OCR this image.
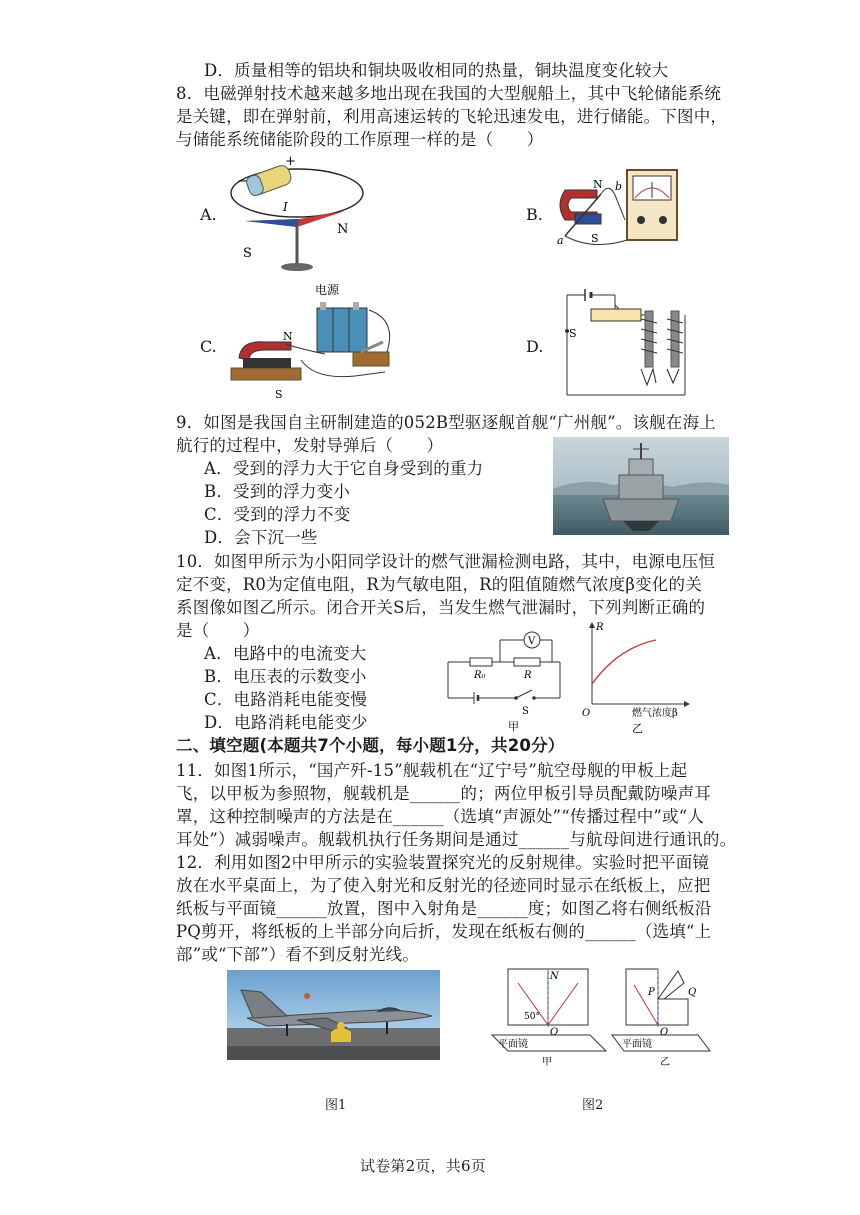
D．质量相等的铝块和铜块吸收相同的热量，铜块温度变化较大
8．电磁弹射技术越来越多地出现在我国的大型舰船上，其中飞轮储能系统
是关键，即在弹射前，利用高速运转的飞轮迅速发电，进行储能。下图中，
与储能系统储能阶段的工作原理一样的是（　　）
A.	B.
C.	D.
+
−
I
S
N
N
S
a
b
电源
N
S
S
9．如图是我国自主研制建造的052B型驱逐舰首舰“广州舰”。该舰在海上
航行的过程中，发射导弹后（　　）
A．受到的浮力大于它自身受到的重力
B．受到的浮力变小
C．受到的浮力不变
D．会下沉一些
10．如图甲所示为小阳同学设计的燃气泄漏检测电路，其中，电源电压恒
定不变，R0为定值电阻，R为气敏电阻，R的阻值随燃气浓度β变化的关
系图像如图乙所示。闭合开关S后，当发生燃气泄漏时，下列判断正确的
是（　　）
A．电路中的电流变大
B．电压表的示数变小
C．电路消耗电能变慢
D．电路消耗电能变少
R₀	R
V
S
甲
R
O	燃气浓度β
乙
二、填空题(本题共7个小题，每小题1分，共20分）
11．如图1所示，“国产歼-15”舰载机在“辽宁号”航空母舰的甲板上起
飞，以甲板为参照物，舰载机是______的；两位甲板引导员配戴防噪声耳
罩，这种控制噪声的方法是在______（选填“声源处”“传播过程中”或“人
耳处”）减弱噪声。舰载机执行任务期间是通过______与航母间进行通讯的。
12．利用如图2中甲所示的实验装置探究光的反射规律。实验时把平面镜
放在水平桌面上，为了使入射光和反射光的径迹同时显示在纸板上，应把
纸板与平面镜______放置，图中入射角是______度；如图乙将右侧纸板沿
PQ剪开，将纸板的上半部分向后折，发现在纸板右侧的______（选填“上
部”或“下部”）看不到反射光线。
图1
N
50°
O
平面镜
甲
P	Q
O
平面镜
乙
图2
试卷第2页，共6页
